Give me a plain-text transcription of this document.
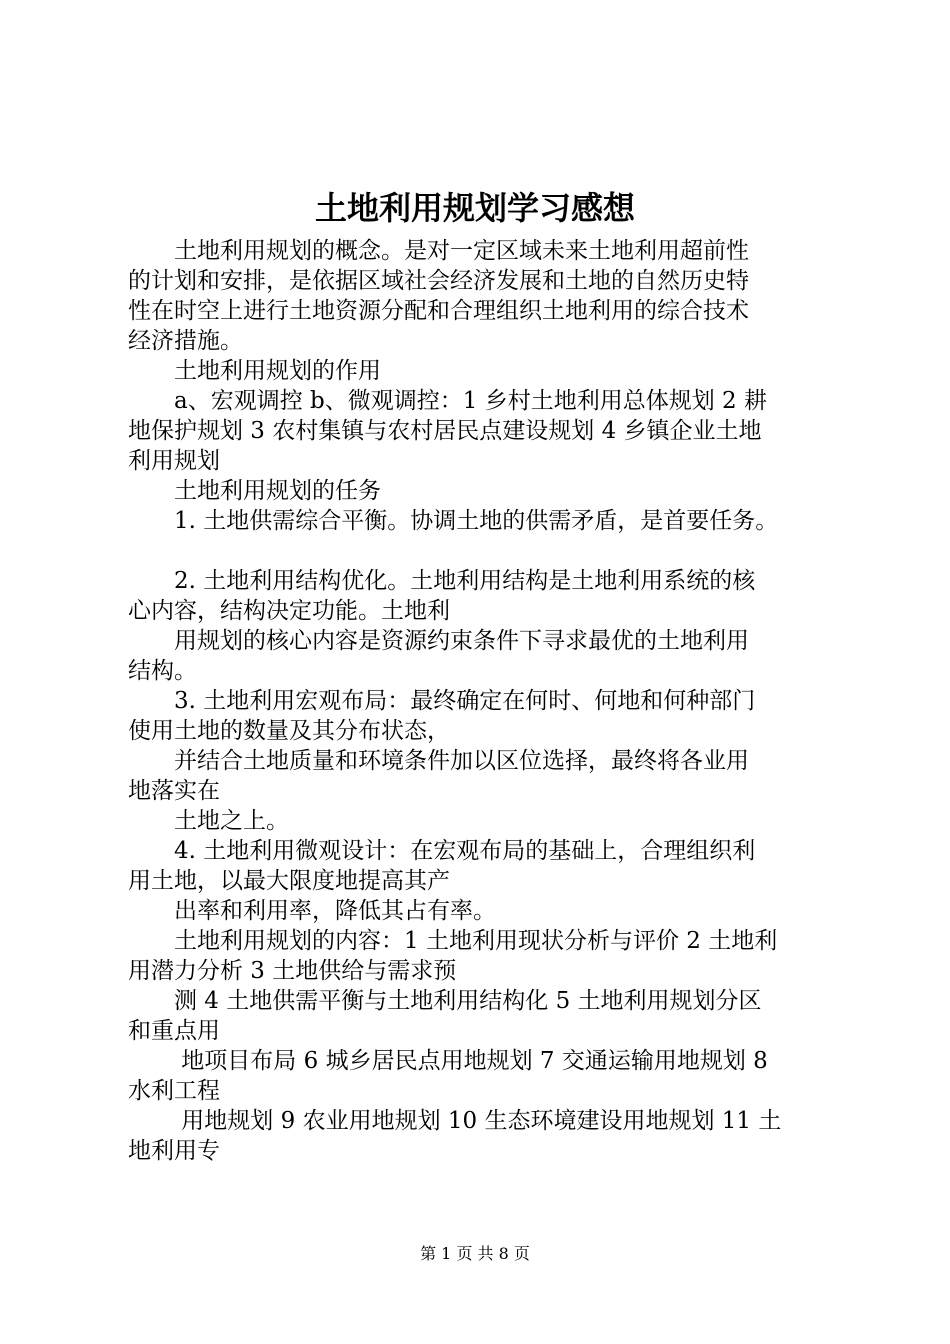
土地利用规划学习感想
　　土地利用规划的概念。是对一定区域未来土地利用超前性
的计划和安排，是依据区域社会经济发展和土地的自然历史特
性在时空上进行土地资源分配和合理组织土地利用的综合技术
经济措施。
　　土地利用规划的作用
　　a、宏观调控 b、微观调控：1 乡村土地利用总体规划 2 耕
地保护规划 3 农村集镇与农村居民点建设规划 4 乡镇企业土地
利用规划
　　土地利用规划的任务
　　1. 土地供需综合平衡。协调土地的供需矛盾，是首要任务。
　　2. 土地利用结构优化。土地利用结构是土地利用系统的核
心内容，结构决定功能。土地利
　　用规划的核心内容是资源约束条件下寻求最优的土地利用
结构。
　　3. 土地利用宏观布局：最终确定在何时、何地和何种部门
使用土地的数量及其分布状态，
　　并结合土地质量和环境条件加以区位选择，最终将各业用
地落实在
　　土地之上。
　　4. 土地利用微观设计：在宏观布局的基础上，合理组织利
用土地，以最大限度地提高其产
　　出率和利用率，降低其占有率。
　　土地利用规划的内容：1 土地利用现状分析与评价 2 土地利
用潜力分析 3 土地供给与需求预
　　测 4 土地供需平衡与土地利用结构化 5 土地利用规划分区
和重点用
　　 地项目布局 6 城乡居民点用地规划 7 交通运输用地规划 8
水利工程
　　 用地规划 9 农业用地规划 10 生态环境建设用地规划 11 土
地利用专
第 1 页 共 8 页
